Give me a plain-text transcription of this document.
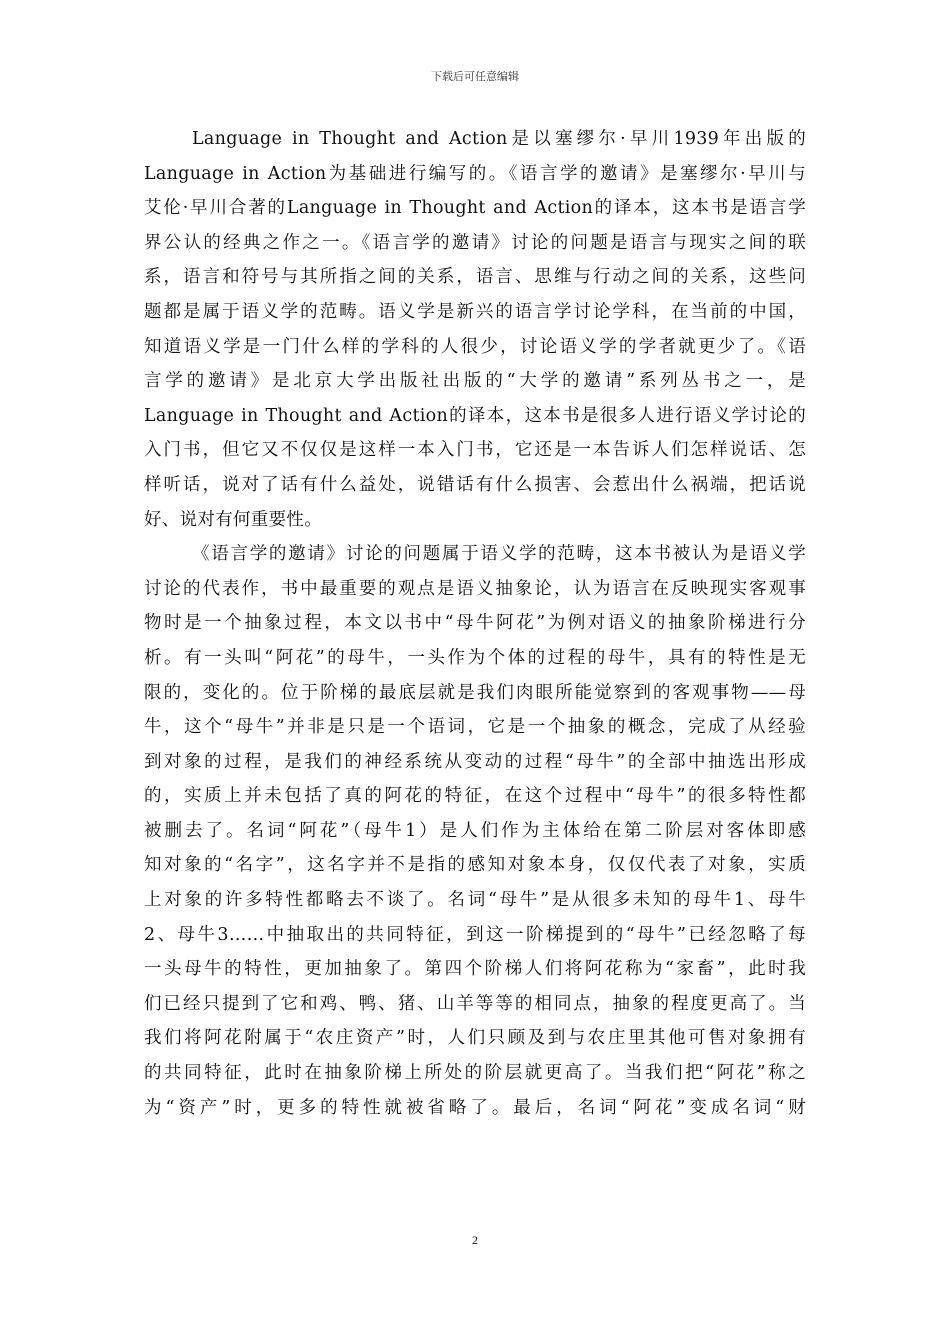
下载后可任意编辑
Language in Thought and Action是以塞缪尔·早川1939年出版的
Language in Action为基础进行编写的。《语言学的邀请》是塞缪尔·早川与
艾伦·早川合著的Language in Thought and Action的译本，这本书是语言学
界公认的经典之作之一。《语言学的邀请》讨论的问题是语言与现实之间的联
系，语言和符号与其所指之间的关系，语言、思维与行动之间的关系，这些问
题都是属于语义学的范畴。语义学是新兴的语言学讨论学科，在当前的中国，
知道语义学是一门什么样的学科的人很少，讨论语义学的学者就更少了。《语
言学的邀请》是北京大学出版社出版的“大学的邀请”系列丛书之一，是
Language in Thought and Action的译本，这本书是很多人进行语义学讨论的
入门书，但它又不仅仅是这样一本入门书，它还是一本告诉人们怎样说话、怎
样听话，说对了话有什么益处，说错话有什么损害、会惹出什么祸端，把话说
好、说对有何重要性。
《语言学的邀请》讨论的问题属于语义学的范畴，这本书被认为是语义学
讨论的代表作，书中最重要的观点是语义抽象论，认为语言在反映现实客观事
物时是一个抽象过程，本文以书中“母牛阿花”为例对语义的抽象阶梯进行分
析。有一头叫“阿花”的母牛，一头作为个体的过程的母牛，具有的特性是无
限的，变化的。位于阶梯的最底层就是我们肉眼所能觉察到的客观事物——母
牛，这个“母牛”并非是只是一个语词，它是一个抽象的概念，完成了从经验
到对象的过程，是我们的神经系统从变动的过程“母牛”的全部中抽选出形成
的，实质上并未包括了真的阿花的特征，在这个过程中“母牛”的很多特性都
被删去了。名词“阿花”（母牛1）是人们作为主体给在第二阶层对客体即感
知对象的“名字”，这名字并不是指的感知对象本身，仅仅代表了对象，实质
上对象的许多特性都略去不谈了。名词“母牛”是从很多未知的母牛1、母牛
2、母牛3……中抽取出的共同特征，到这一阶梯提到的“母牛”已经忽略了每
一头母牛的特性，更加抽象了。第四个阶梯人们将阿花称为“家畜”，此时我
们已经只提到了它和鸡、鸭、猪、山羊等等的相同点，抽象的程度更高了。当
我们将阿花附属于“农庄资产”时，人们只顾及到与农庄里其他可售对象拥有
的共同特征，此时在抽象阶梯上所处的阶层就更高了。当我们把“阿花”称之
为“资产”时，更多的特性就被省略了。最后，名词“阿花”变成名词“财
2
